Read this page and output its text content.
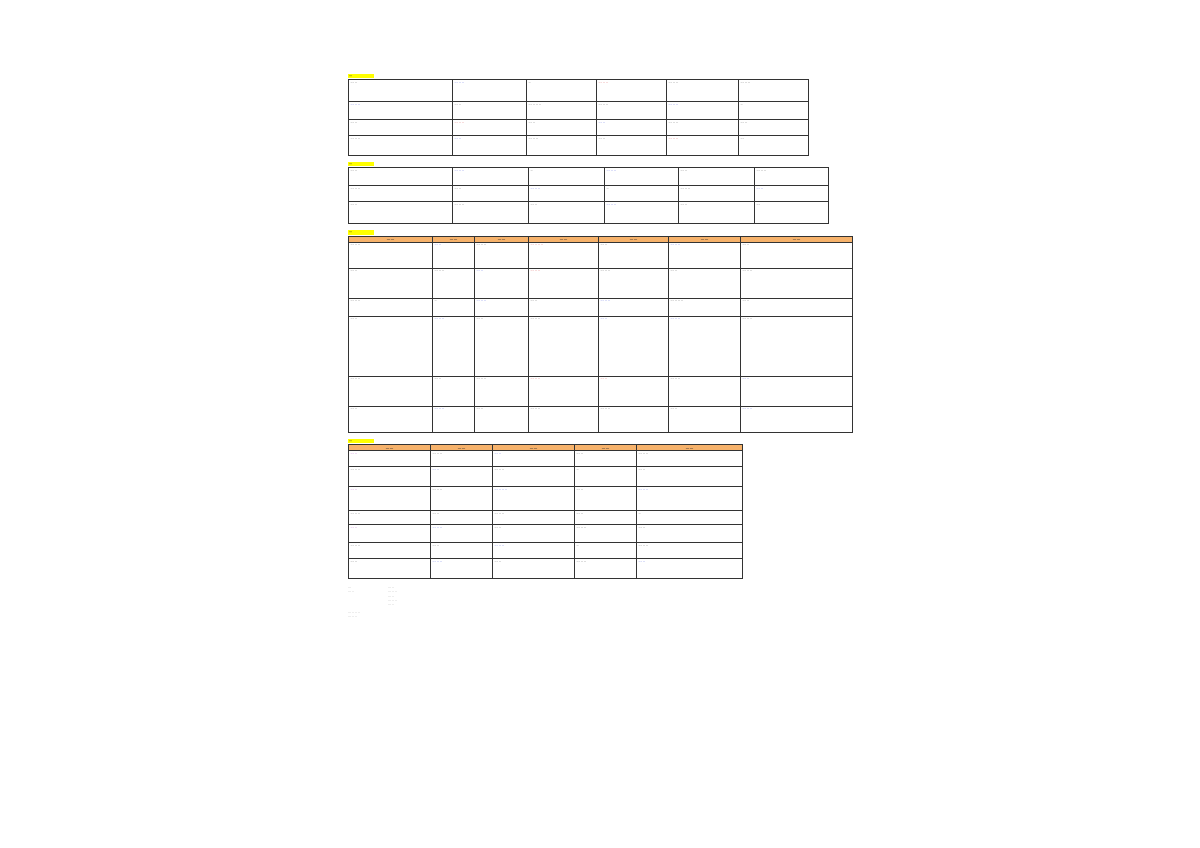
···
··· ··	··· ·· ··	··	··· ·· ··	··· ·· ··	··· ·· ··
··· ·· ··	··· ··	··· ·· ·· ··	··· ·· ··	··· ·· ··	··
··· ··	··· ·· ··	··· ··	··· ··	··· ·· ··	··· ··
··· ·· ··	··· ··	··· ·· ··	··· ··	··· ·· ··	···
···
··· ··	··· ·· ··	··	··· ·· ··	··· ··	··· ·· ··
··· ·· ··	··· ··	··· ·· ··	··	··· ·· ··	··· ··
··· ··	··· ·· ··	··· ··	··· ·· ··	··· ··	···
···
— —	— —	— —	— —	— —	— —	— —
··· ·· ··	··· ··	··· ·· ··	··· ·· ·· ··	··· ··	··· ·· ··	··· ··
··· ··	··· ·· ··	··· ··	··· ·· ··	··· ·· ··	··· ··	··· ·· ··
··· ·· ··	··	··· ·· ··	··· ··	··· ·· ··	··· ·· ·· ··	··· ··
··· ··	··· ·· ··	··· ··	··· ·· ··	··· ··	··· ·· ··	··· ·· ··
··· ·· ··	··· ··	··· ·· ··	··· ·· ··	··· ··	··· ·· ··	··· ··
··· ··	··· ·· ··	··· ··	··· ·· ··	··· ·· ··	··· ··	··· ·· ··
···
— —	— —	— —	— —	— —
··· ··	··· ·· ··	··· ··	··· ··	··· ·· ··
··· ·· ··	··· ··	··· ·· ··	··	··· ··
··· ··	··· ·· ··	··· ·· ·· ··	··· ··	··· ·· ··
··· ·· ··	··· ··	··· ·· ··	··· ··	··
··· ··	··· ·· ··	··· ··	··· ·· ··	··· ··
··· ·· ··	··· ··	··· ·· ··	··	··· ·· ··
··· ··	··· ·· ··	··· ··	··· ·· ··	··· ··
···	··· ··
··· ··	··· ·· ··
··· ··
··· ·· ··
··· ··
··· ·· ·· ··
··· ·· ··
